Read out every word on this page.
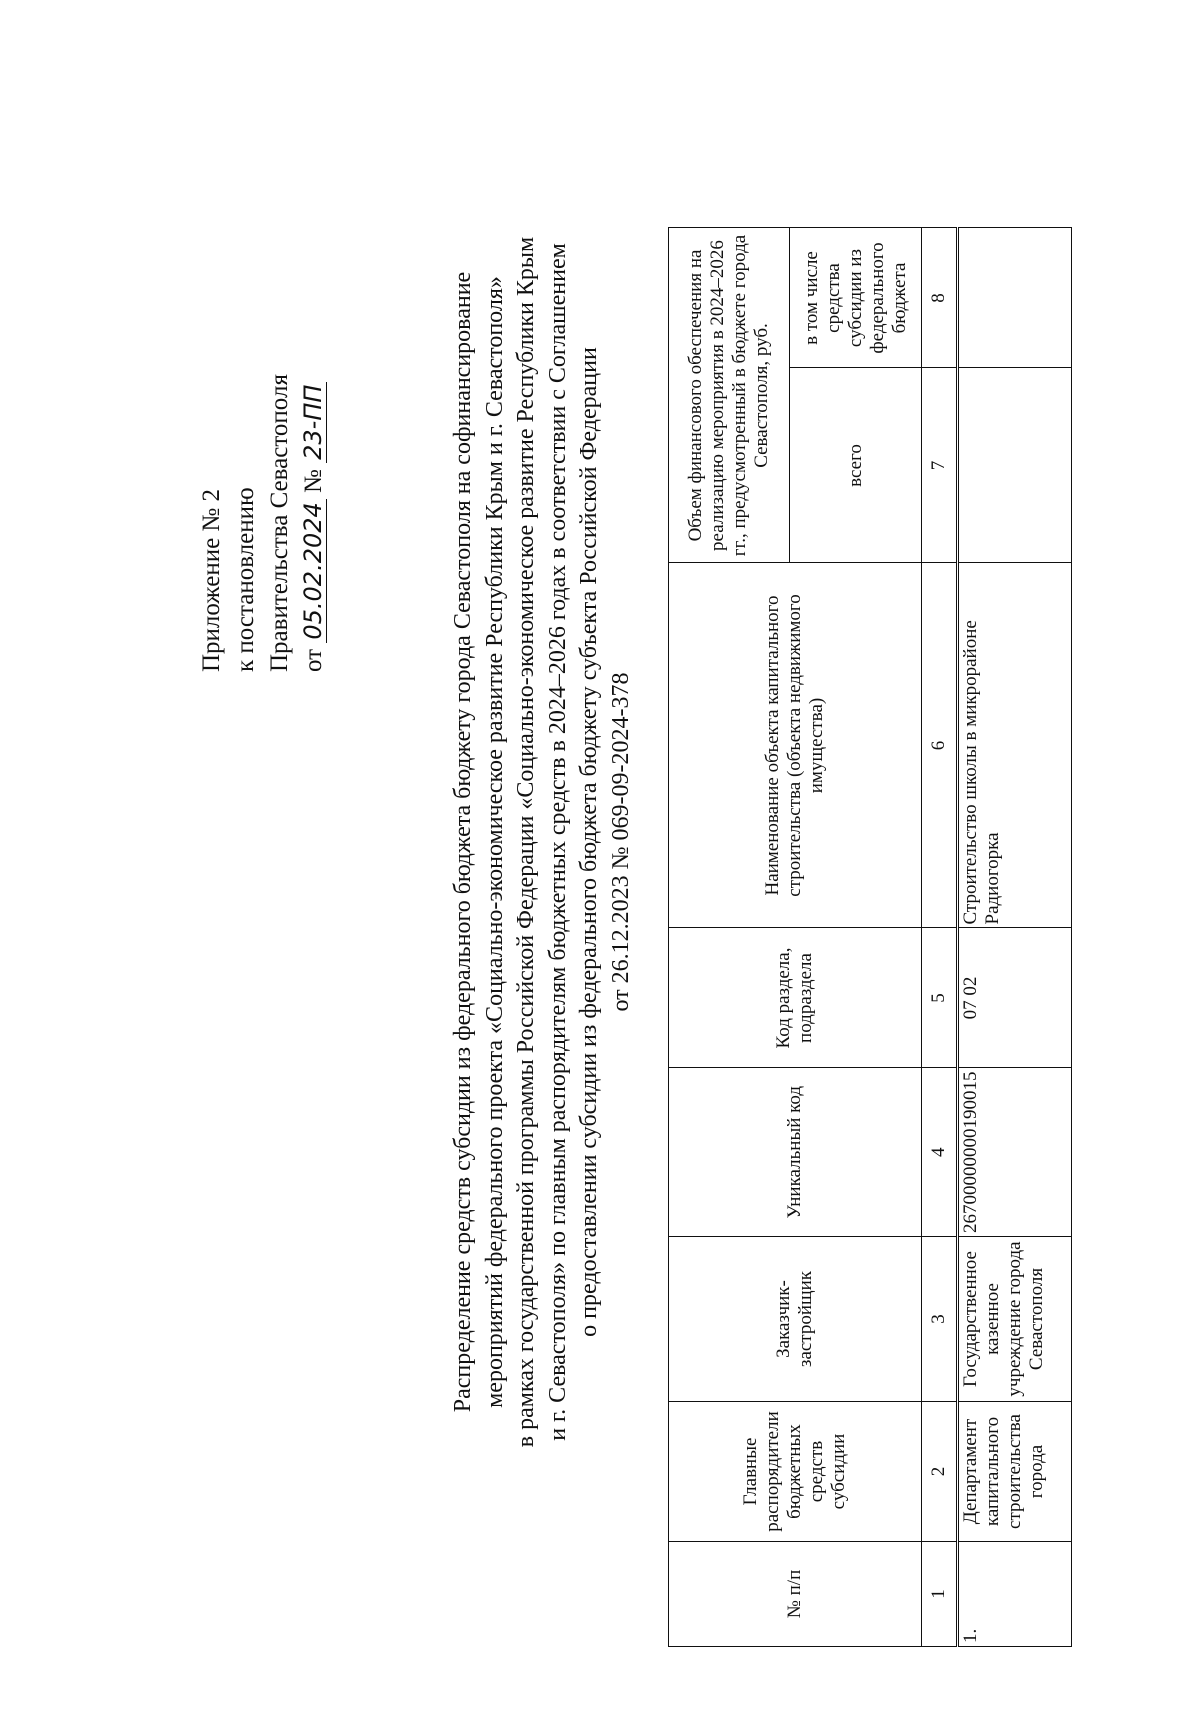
Приложение № 2 к постановлению Правительства Севастополя от 05.02.2024 № 23-ПП	Распределение средств субсидии из федерального бюджета бюджету города Севастополя на софинансирование мероприятий федерального проекта «Социально-экономическое развитие Республики Крым и г. Севастополя» в рамках государственной программы Российской Федерации «Социально-экономическое развитие Республики Крым и г. Севастополя» по главным распорядителям бюджетных средств в 2024–2026 годах в соответствии с Соглашением о предоставлении субсидии из федерального бюджета бюджету субъекта Российской Федерации от 26.12.2023 № 069-09-2024-378
№ п/п	Главные распорядители бюджетных средств субсидии	Заказчик-застройщик	Уникальный код	Код раздела, подраздела	Наименование объекта капитального строительства (объекта недвижимого имущества)	Объем финансового обеспечения на реализацию мероприятия в 2024–2026 гг., предусмотренный в бюджете города Севастополя, руб.	
						всего	в том числе средства субсидии из федерального бюджета
1	2	3	4	5	6	7	8
1.	Департамент капитального строительства города	Государственное казенное учреждение города Севастополя	26700000000190015	07 02	Строительство школы в микрорайоне Радиогорка		
